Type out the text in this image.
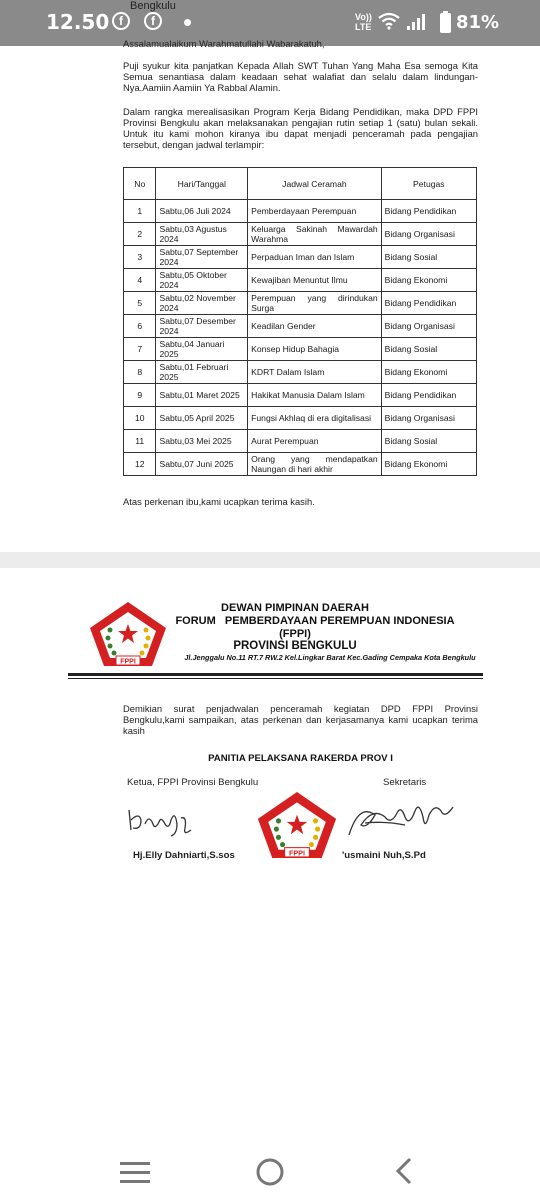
12.50 f	f	Vo))
LTE	81%
Bengkulu
Assalamualaikum Warahmatullahi Wabarakatuh,
Puji syukur kita panjatkan Kepada Allah SWT Tuhan Yang Maha Esa semoga Kita Semua senantiasa dalam keadaan sehat walafiat dan selalu dalam lindungan-Nya.Aamiin Aamiin Ya Rabbal Alamin.
Dalam rangka merealisasikan Program Kerja Bidang Pendidikan, maka DPD FPPI Provinsi Bengkulu akan melaksanakan pengajian rutin setiap 1 (satu) bulan sekali. Untuk itu kami mohon kiranya ibu dapat menjadi penceramah pada pengajian tersebut, dengan jadwal terlampir:
No	Hari/Tanggal	Jadwal Ceramah	Petugas
1	Sabtu,06 Juli 2024	Pemberdayaan Perempuan	Bidang Pendidikan
2	Sabtu,03 Agustus 2024	Keluarga Sakinah Mawardah Warahma	Bidang Organisasi
3	Sabtu,07 September 2024	Perpaduan Iman dan Islam	Bidang Sosial
4	Sabtu,05 Oktober 2024	Kewajiban Menuntut Ilmu	Bidang Ekonomi
5	Sabtu,02 November 2024	Perempuan yang dirindukan Surga	Bidang Pendidikan
6	Sabtu,07 Desember 2024	Keadilan Gender	Bidang Organisasi
7	Sabtu,04 Januari 2025	Konsep Hidup Bahagia	Bidang Sosial
8	Sabtu,01 Februari 2025	KDRT Dalam Islam	Bidang Ekonomi
9	Sabtu,01 Maret 2025	Hakikat Manusia Dalam Islam	Bidang Pendidikan
10	Sabtu,05 April 2025	Fungsi Akhlaq di era digitalisasi	Bidang Organisasi
11	Sabtu,03 Mei 2025	Aurat Perempuan	Bidang Sosial
12	Sabtu,07 Juni 2025	Orang yang mendapatkan Naungan di hari akhir	Bidang Ekonomi
Atas perkenan ibu,kami ucapkan terima kasih.
FPPI
DEWAN PIMPINAN DAERAH
FORUM   PEMBERDAYAAN PEREMPUAN INDONESIA
(FPPI)
PROVINSI BENGKULU
Jl.Jenggalu No.11 RT.7 RW.2 Kel.Lingkar Barat Kec.Gading Cempaka Kota Bengkulu
Demikian surat penjadwalan penceramah kegiatan DPD FPPI Provinsi Bengkulu,kami sampaikan, atas perkenan dan kerjasamanya kami ucapkan terima kasih
PANITIA PELAKSANA RAKERDA PROV I
Ketua, FPPI Provinsi Bengkulu	Sekretaris
FPPI
Hj.Elly Dahniarti,S.sos	'usmaini Nuh,S.Pd
